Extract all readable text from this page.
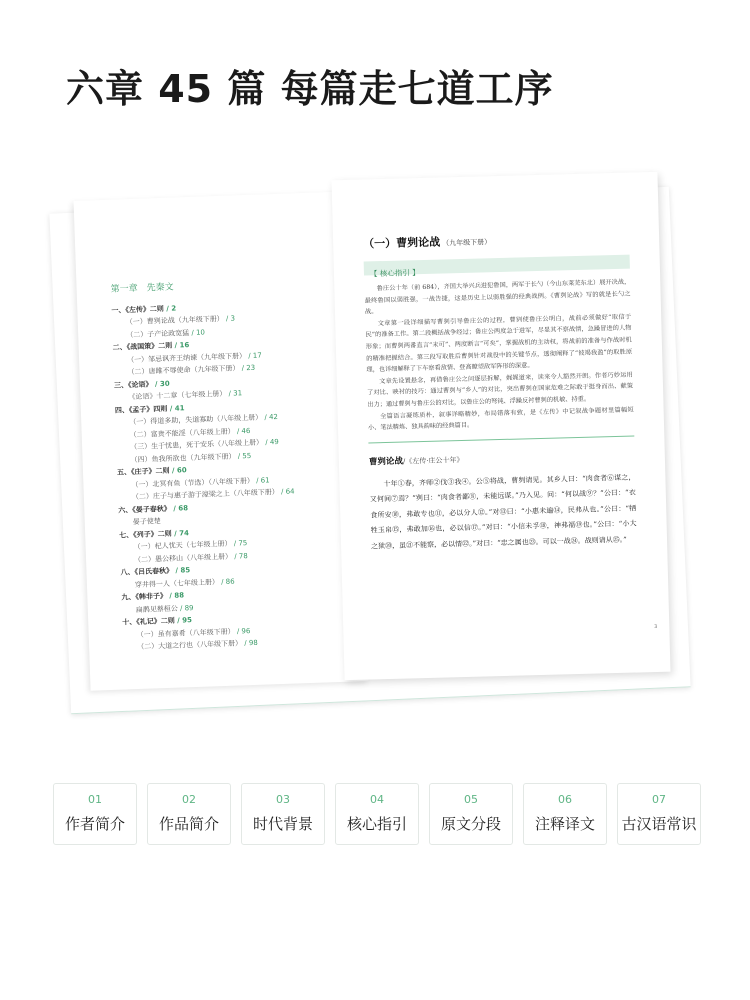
六章 45 篇 每篇走七道工序
第一章　先秦文
一、《左传》二则 / 2
（一）曹刿论战（九年级下册） / 3
（二）子产论政宽猛 / 10
二、《战国策》二则 / 16
（一）邹忌讽齐王纳谏（九年级下册） / 17
（二）唐雎不辱使命（九年级下册） / 23
三、《论语》 / 30
《论语》十二章（七年级上册） / 31
四、《孟子》四则 / 41
（一）得道多助，失道寡助（八年级上册） / 42
（二）富贵不能淫（八年级上册） / 46
（三）生于忧患，死于安乐（八年级上册） / 49
（四）鱼我所欲也（九年级下册） / 55
五、《庄子》二则 / 60
（一）北冥有鱼（节选）（八年级下册） / 61
（二）庄子与惠子游于濠梁之上（八年级下册） / 64
六、《晏子春秋》 / 68
晏子使楚
七、《列子》二则 / 74
（一）杞人忧天（七年级上册） / 75
（二）愚公移山（八年级上册） / 78
八、《吕氏春秋》 / 85
穿井得一人（七年级上册） / 86
九、《韩非子》 / 88
扁鹊见蔡桓公 / 89
十、《礼记》二则 / 95
（一）虽有嘉肴（八年级下册） / 96
（二）大道之行也（八年级下册） / 98
（一）曹刿论战 （九年级下册）
【 核心指引 】

鲁庄公十年（前 684），齐国大举兴兵进犯鲁国，两军于长勺（今山东莱芜东北）展开决战，最终鲁国以弱胜强，一战告捷，这是历史上以弱胜强的经典战例。《曹刿论战》写的就是长勺之战。

文章第一段详细描写曹刿引导鲁庄公的过程，曹刿使鲁庄公明白，战前必须做好“取信于民”的准备工作。第二段概括战争经过；鲁庄公两度急于进军，尽显其不察战情，急躁冒进的人物形象；而曹刿两番直言“未可”、两度断言“可矣”，掌握战机的主动权，将战前的准备与作战时机的精准把握结合。第三段写取胜后曹刿针对战役中的关键节点，透彻阐释了“彼竭我盈”的取胜原理，也详细解释了下车察看敌情、登高瞭望敌军阵形的深意。

文章先设置悬念，再借鲁庄公之问逐层拆解，娓娓道来，读来令人豁然开朗。作者巧妙运用了对比、映衬的技巧：通过曹刿与“乡人”的对比，突出曹刿在国家危难之际敢于挺身而出、献策出力；通过曹刿与鲁庄公的对比，以鲁庄公的弩钝、浮躁反衬曹刿的机敏、持重。

全篇语言凝练质朴，叙事详略精妙，布局错落有致，是《左传》中记叙战争题材里篇幅短小、笔法精炼、独具韵味的经典篇目。

曹刿论战/《左传·庄公十年》

十年①春，齐师②伐③我④。公⑤将战，曹刿请见。其乡人曰：“肉食者⑥谋之，又何间⑦焉？”刿曰：“肉食者鄙⑧，未能远谋。”乃入见。问：“何以战⑨？”公曰：“衣食所安⑩，弗敢专也⑪，必以分人⑫。”对⑬曰：“小惠未遍⑭，民弗从也。”公曰：“牺牲玉帛⑮，弗敢加⑯也，必以信⑰。”对曰：“小信未孚⑱，神弗福⑲也。”公曰：“小大之狱⑳，虽㉑不能察，必以情㉒。”对曰：“忠之属也㉓。可以一战㉔。战则请从㉕。”

3
01
作者简介
02
作品简介
03
时代背景
04
核心指引
05
原文分段
06
注释译文
07
古汉语常识
